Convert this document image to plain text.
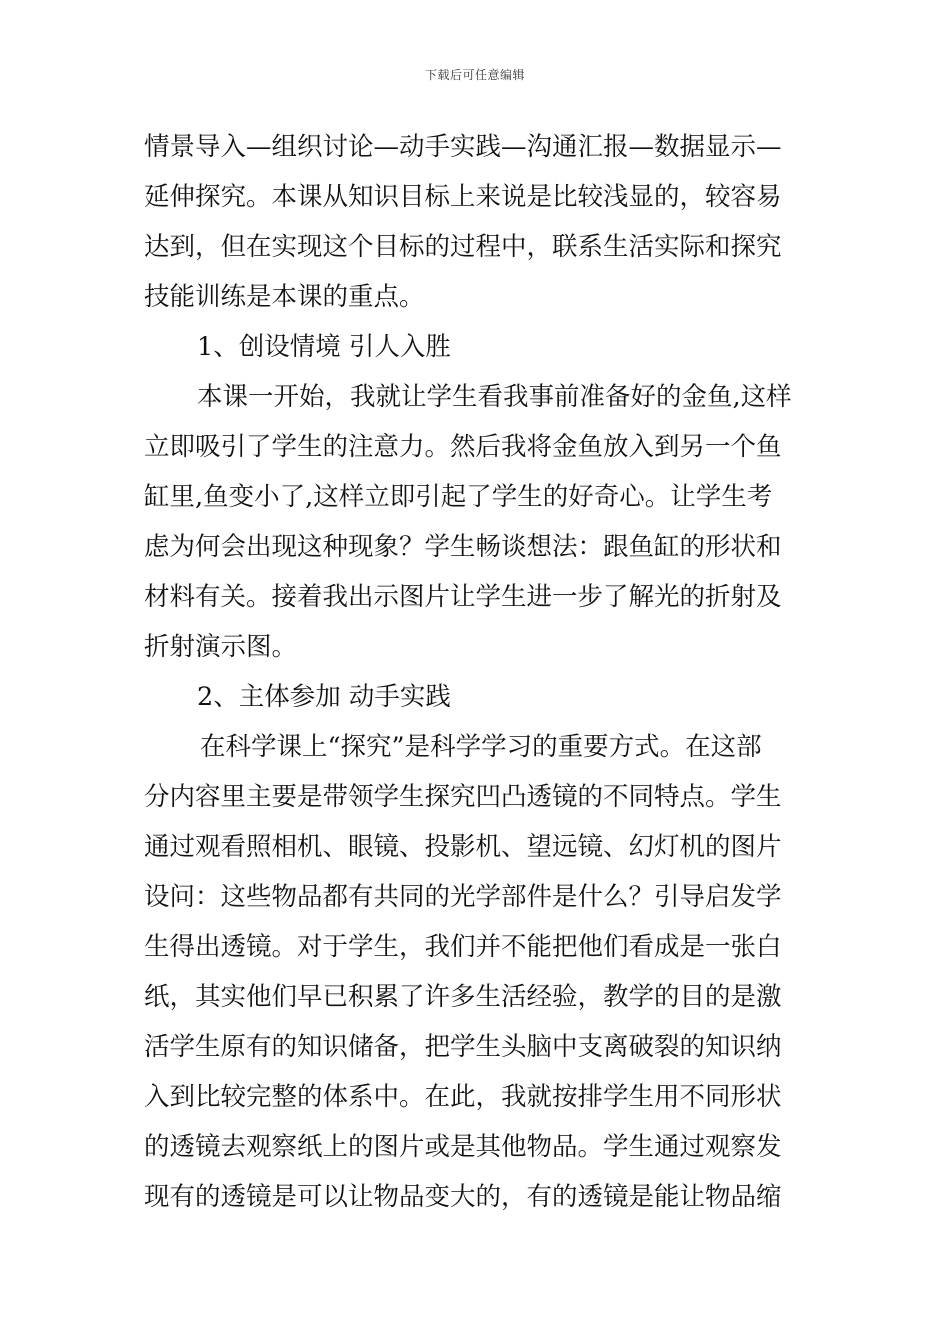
下载后可任意编辑
情景导入—组织讨论—动手实践—沟通汇报—数据显示—
延伸探究。本课从知识目标上来说是比较浅显的，较容易
达到，但在实现这个目标的过程中，联系生活实际和探究
技能训练是本课的重点。
1、创设情境 引人入胜
本课一开始，我就让学生看我事前准备好的金鱼,这样
立即吸引了学生的注意力。然后我将金鱼放入到另一个鱼
缸里,鱼变小了,这样立即引起了学生的好奇心。让学生考
虑为何会出现这种现象？学生畅谈想法：跟鱼缸的形状和
材料有关。接着我出示图片让学生进一步了解光的折射及
折射演示图。
2、主体参加 动手实践
在科学课上“探究”是科学学习的重要方式。在这部
分内容里主要是带领学生探究凹凸透镜的不同特点。学生
通过观看照相机、眼镜、投影机、望远镜、幻灯机的图片
设问：这些物品都有共同的光学部件是什么？引导启发学
生得出透镜。对于学生，我们并不能把他们看成是一张白
纸，其实他们早已积累了许多生活经验，教学的目的是激
活学生原有的知识储备，把学生头脑中支离破裂的知识纳
入到比较完整的体系中。在此，我就按排学生用不同形状
的透镜去观察纸上的图片或是其他物品。学生通过观察发
现有的透镜是可以让物品变大的，有的透镜是能让物品缩
